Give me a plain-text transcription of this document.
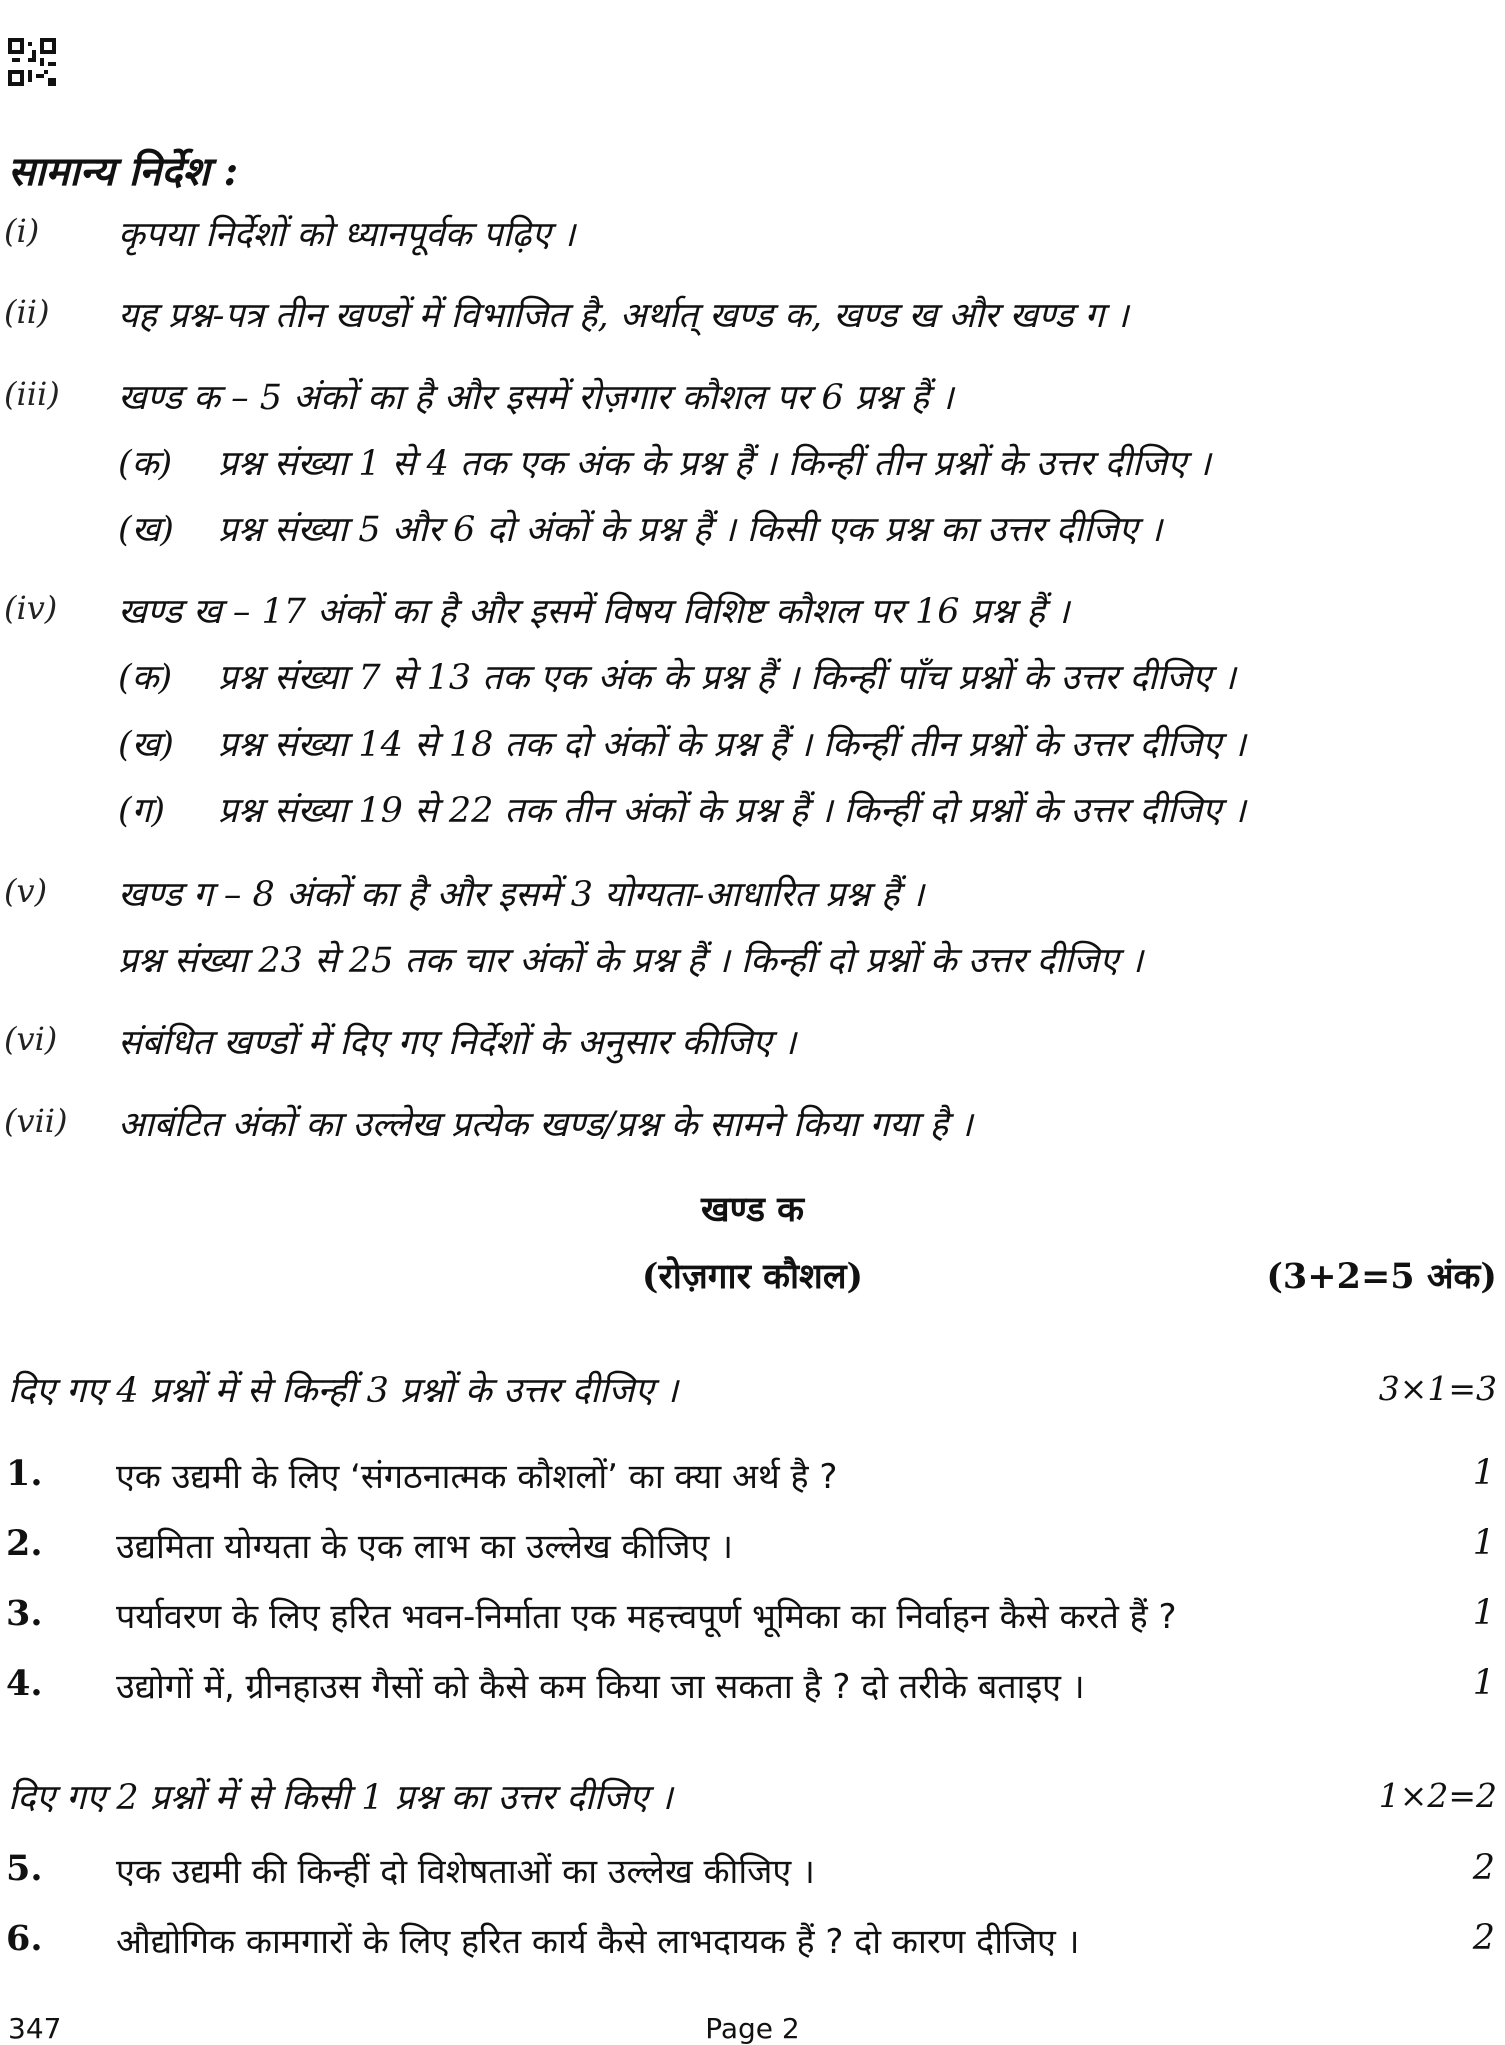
सामान्य निर्देश :
(i) कृपया निर्देशों को ध्यानपूर्वक पढ़िए ।
(ii) यह प्रश्न-पत्र तीन खण्डों में विभाजित है, अर्थात् खण्ड क, खण्ड ख और खण्ड ग ।
(iii) खण्ड क – 5 अंकों का है और इसमें रोज़गार कौशल पर 6 प्रश्न हैं ।
(क) प्रश्न संख्या 1 से 4 तक एक अंक के प्रश्न हैं । किन्हीं तीन प्रश्नों के उत्तर दीजिए ।
(ख) प्रश्न संख्या 5 और 6 दो अंकों के प्रश्न हैं । किसी एक प्रश्न का उत्तर दीजिए ।
(iv) खण्ड ख – 17 अंकों का है और इसमें विषय विशिष्ट कौशल पर 16 प्रश्न हैं ।
(क) प्रश्न संख्या 7 से 13 तक एक अंक के प्रश्न हैं । किन्हीं पाँच प्रश्नों के उत्तर दीजिए ।
(ख) प्रश्न संख्या 14 से 18 तक दो अंकों के प्रश्न हैं । किन्हीं तीन प्रश्नों के उत्तर दीजिए ।
(ग) प्रश्न संख्या 19 से 22 तक तीन अंकों के प्रश्न हैं । किन्हीं दो प्रश्नों के उत्तर दीजिए ।
(v) खण्ड ग – 8 अंकों का है और इसमें 3 योग्यता-आधारित प्रश्न हैं ।
प्रश्न संख्या 23 से 25 तक चार अंकों के प्रश्न हैं । किन्हीं दो प्रश्नों के उत्तर दीजिए ।
(vi) संबंधित खण्डों में दिए गए निर्देशों के अनुसार कीजिए ।
(vii) आबंटित अंकों का उल्लेख प्रत्येक खण्ड/प्रश्न के सामने किया गया है ।
खण्ड क
(रोज़गार कौशल)	(3+2=5 अंक)
दिए गए 4 प्रश्नों में से किन्हीं 3 प्रश्नों के उत्तर दीजिए ।	3×1=3
1. एक उद्यमी के लिए ‘संगठनात्मक कौशलों’ का क्या अर्थ है ?	1
2. उद्यमिता योग्यता के एक लाभ का उल्लेख कीजिए ।	1
3. पर्यावरण के लिए हरित भवन-निर्माता एक महत्त्वपूर्ण भूमिका का निर्वाहन कैसे करते हैं ?	1
4. उद्योगों में, ग्रीनहाउस गैसों को कैसे कम किया जा सकता है ? दो तरीके बताइए ।	1
दिए गए 2 प्रश्नों में से किसी 1 प्रश्न का उत्तर दीजिए ।	1×2=2
5. एक उद्यमी की किन्हीं दो विशेषताओं का उल्लेख कीजिए ।	2
6. औद्योगिक कामगारों के लिए हरित कार्य कैसे लाभदायक हैं ? दो कारण दीजिए ।	2
347	Page 2
